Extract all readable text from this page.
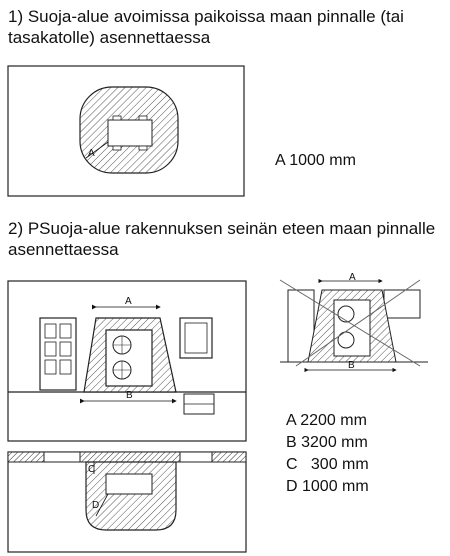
1) Suoja-alue avoimissa paikoissa maan pinnalle (tai tasakatolle) asennettaessa

2) PSuoja-alue rakennuksen seinän eteen maan pinnalle asennettaessa

A
A
B
C
D
A
B
A 1000 mm
A 2200 mm
B 3200 mm
C   300 mm
D 1000 mm
